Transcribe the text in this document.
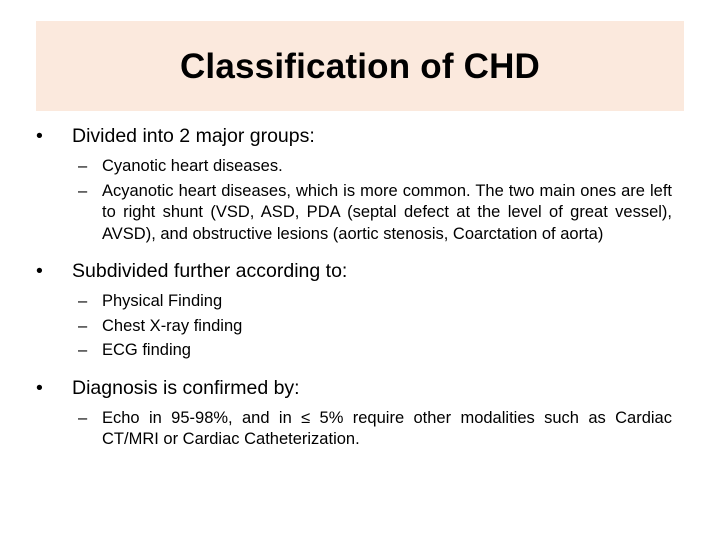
Classification of CHD
• Divided into 2 major groups:
– Cyanotic heart diseases.
– Acyanotic heart diseases, which is more common. The two main ones are left to right shunt (VSD, ASD, PDA (septal defect at the level of great vessel), AVSD), and obstructive lesions (aortic stenosis, Coarctation of aorta)
• Subdivided further according to:
– Physical Finding
– Chest X-ray finding
– ECG finding
• Diagnosis is confirmed by:
– Echo in 95-98%, and in ≤ 5% require other modalities such as Cardiac CT/MRI or Cardiac Catheterization.
